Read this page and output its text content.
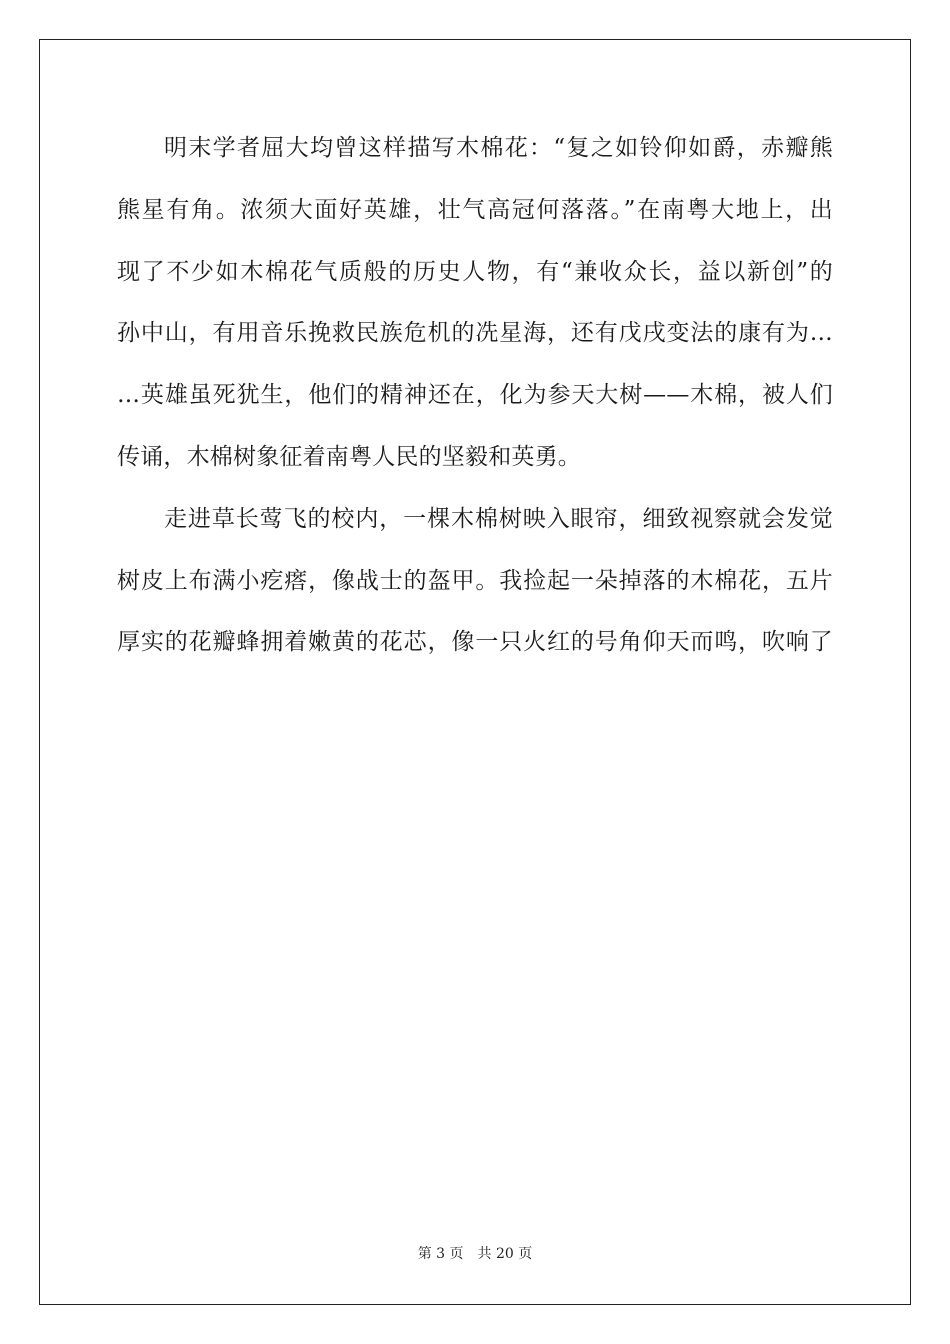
明末学者屈大均曾这样描写木棉花：“复之如铃仰如爵，赤瓣熊
熊星有角。浓须大面好英雄，壮气高冠何落落。”在南粤大地上，出
现了不少如木棉花气质般的历史人物，有“兼收众长，益以新创”的
孙中山，有用音乐挽救民族危机的冼星海，还有戊戌变法的康有为…
…英雄虽死犹生，他们的精神还在，化为参天大树——木棉，被人们
传诵，木棉树象征着南粤人民的坚毅和英勇。
走进草长莺飞的校内，一棵木棉树映入眼帘，细致视察就会发觉
树皮上布满小疙瘩，像战士的盔甲。我捡起一朵掉落的木棉花，五片
厚实的花瓣蜂拥着嫩黄的花芯，像一只火红的号角仰天而鸣，吹响了
第 3 页 共 20 页
